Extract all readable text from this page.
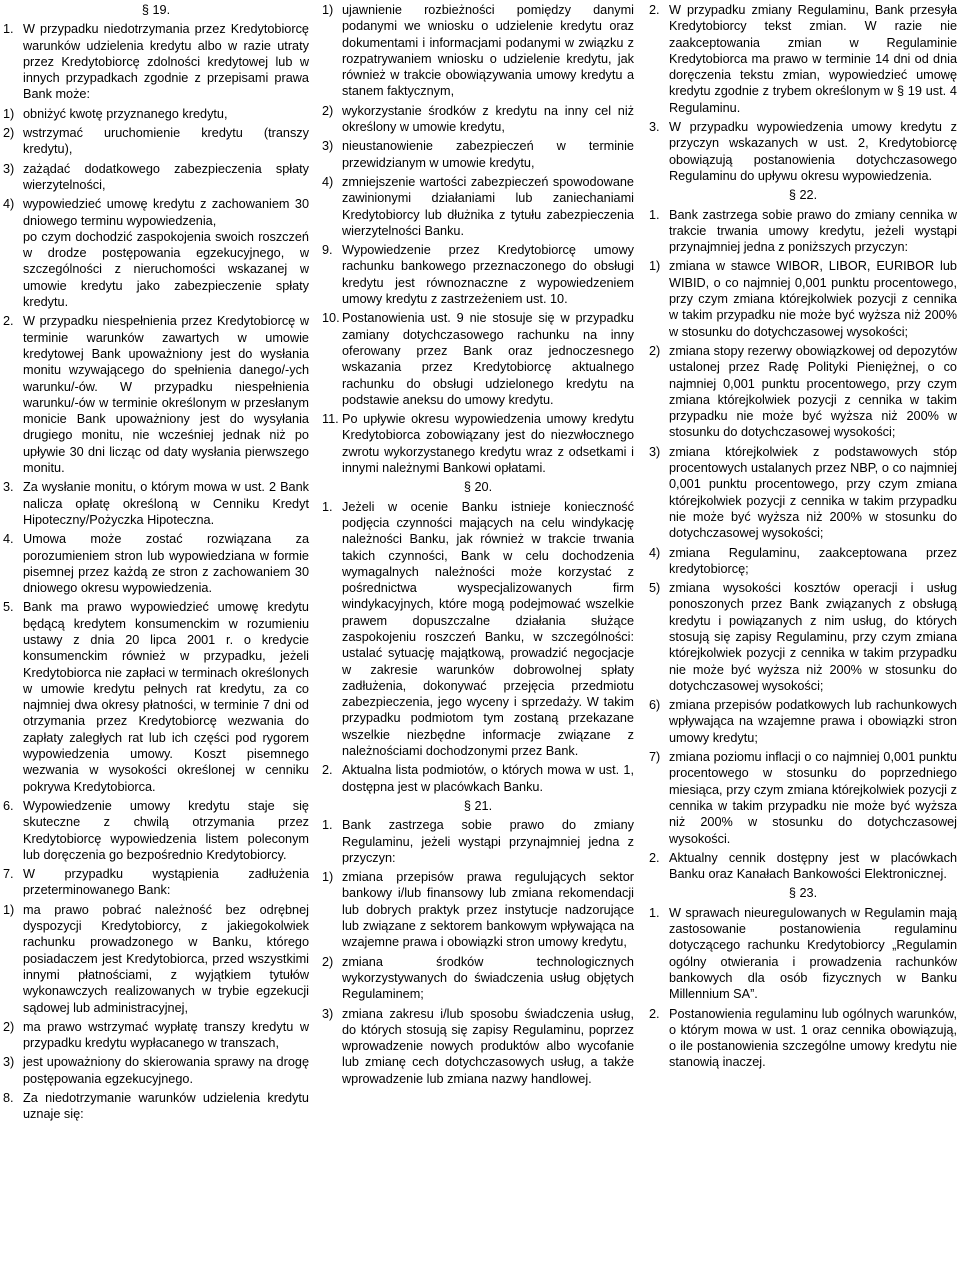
§ 19.
1. W przypadku niedotrzymania przez Kredytobiorcę warunków udzielenia kredytu albo w razie utraty przez Kredytobiorcę zdolności kredytowej lub w innych przypadkach zgodnie z przepisami prawa Bank może:
1) obniżyć kwotę przyznanego kredytu,
2) wstrzymać uruchomienie kredytu (transzy kredytu),
3) zażądać dodatkowego zabezpieczenia spłaty wierzytelności,
4) wypowiedzieć umowę kredytu z zachowaniem 30 dniowego terminu wypowiedzenia,
po czym dochodzić zaspokojenia swoich roszczeń w drodze postępowania egzekucyjnego, w szczególności z nieruchomości wskazanej w umowie kredytu jako zabezpieczenie spłaty kredytu.
2. W przypadku niespełnienia przez Kredytobiorcę w terminie warunków zawartych w umowie kredytowej Bank upoważniony jest do wysłania monitu wzywającego do spełnienia danego/-ych warunku/-ów. W przypadku niespełnienia warunku/-ów w terminie określonym w przesłanym monicie Bank upoważniony jest do wysyłania drugiego monitu, nie wcześniej jednak niż po upływie 30 dni licząc od daty wysłania pierwszego monitu.
3. Za wysłanie monitu, o którym mowa w ust. 2 Bank nalicza opłatę określoną w Cenniku Kredyt Hipoteczny/Pożyczka Hipoteczna.
4. Umowa może zostać rozwiązana za porozumieniem stron lub wypowiedziana w formie pisemnej przez każdą ze stron z zachowaniem 30 dniowego okresu wypowiedzenia.
5. Bank ma prawo wypowiedzieć umowę kredytu będącą kredytem konsumenckim w rozumieniu ustawy z dnia 20 lipca 2001 r. o kredycie konsumenckim również w przypadku, jeżeli Kredytobiorca nie zapłaci w terminach określonych w umowie kredytu pełnych rat kredytu, za co najmniej dwa okresy płatności, w terminie 7 dni od otrzymania przez Kredytobiorcę wezwania do zapłaty zaległych rat lub ich części pod rygorem wypowiedzenia umowy. Koszt pisemnego wezwania w wysokości określonej w cenniku pokrywa Kredytobiorca.
6. Wypowiedzenie umowy kredytu staje się skuteczne z chwilą otrzymania przez Kredytobiorcę wypowiedzenia listem poleconym lub doręczenia go bezpośrednio Kredytobiorcy.
7. W przypadku wystąpienia zadłużenia przeterminowanego Bank:
1) ma prawo pobrać należność bez odrębnej dyspozycji Kredytobiorcy, z jakiegokolwiek rachunku prowadzonego w Banku, którego posiadaczem jest Kredytobiorca, przed wszystkimi innymi płatnościami, z wyjątkiem tytułów wykonawczych realizowanych w trybie egzekucji sądowej lub administracyjnej,
2) ma prawo wstrzymać wypłatę transzy kredytu w przypadku kredytu wypłacanego w transzach,
3) jest upoważniony do skierowania sprawy na drogę postępowania egzekucyjnego.
8. Za niedotrzymanie warunków udzielenia kredytu uznaje się:
1) ujawnienie rozbieżności pomiędzy danymi podanymi we wniosku o udzielenie kredytu oraz dokumentami i informacjami podanymi w związku z rozpatrywaniem wniosku o udzielenie kredytu, jak również w trakcie obowiązywania umowy kredytu a stanem faktycznym,
2) wykorzystanie środków z kredytu na inny cel niż określony w umowie kredytu,
3) nieustanowienie zabezpieczeń w terminie przewidzianym w umowie kredytu,
4) zmniejszenie wartości zabezpieczeń spowodowane zawinionymi działaniami lub zaniechaniami Kredytobiorcy lub dłużnika z tytułu zabezpieczenia wierzytelności Banku.
9. Wypowiedzenie przez Kredytobiorcę umowy rachunku bankowego przeznaczonego do obsługi kredytu jest równoznaczne z wypowiedzeniem umowy kredytu z zastrzeżeniem ust. 10.
10. Postanowienia ust. 9 nie stosuje się w przypadku zamiany dotychczasowego rachunku na inny oferowany przez Bank oraz jednoczesnego wskazania przez Kredytobiorcę aktualnego rachunku do obsługi udzielonego kredytu na podstawie aneksu do umowy kredytu.
11. Po upływie okresu wypowiedzenia umowy kredytu Kredytobiorca zobowiązany jest do niezwłocznego zwrotu wykorzystanego kredytu wraz z odsetkami i innymi należnymi Bankowi opłatami.
§ 20.
1. Jeżeli w ocenie Banku istnieje konieczność podjęcia czynności mających na celu windykację należności Banku, jak również w trakcie trwania takich czynności, Bank w celu dochodzenia wymagalnych należności może korzystać z pośrednictwa wyspecjalizowanych firm windykacyjnych, które mogą podejmować wszelkie prawem dopuszczalne działania służące zaspokojeniu roszczeń Banku, w szczególności: ustalać sytuację majątkową, prowadzić negocjacje w zakresie warunków dobrowolnej spłaty zadłużenia, dokonywać przejęcia przedmiotu zabezpieczenia, jego wyceny i sprzedaży. W takim przypadku podmiotom tym zostaną przekazane wszelkie niezbędne informacje związane z należnościami dochodzonymi przez Bank.
2. Aktualna lista podmiotów, o których mowa w ust. 1, dostępna jest w placówkach Banku.
§ 21.
1. Bank zastrzega sobie prawo do zmiany Regulaminu, jeżeli wystąpi przynajmniej jedna z przyczyn:
1) zmiana przepisów prawa regulujących sektor bankowy i/lub finansowy lub zmiana rekomendacji lub dobrych praktyk przez instytucje nadzorujące lub związane z sektorem bankowym wpływająca na wzajemne prawa i obowiązki stron umowy kredytu,
2) zmiana środków technologicznych wykorzystywanych do świadczenia usług objętych Regulaminem;
3) zmiana zakresu i/lub sposobu świadczenia usług, do których stosują się zapisy Regulaminu, poprzez wprowadzenie nowych produktów albo wycofanie lub zmianę cech dotychczasowych usług, a także wprowadzenie lub zmiana nazwy handlowej.
2. W przypadku zmiany Regulaminu, Bank przesyła Kredytobiorcy tekst zmian. W razie nie zaakceptowania zmian w Regulaminie Kredytobiorca ma prawo w terminie 14 dni od dnia doręczenia tekstu zmian, wypowiedzieć umowę kredytu zgodnie z trybem określonym w § 19 ust. 4 Regulaminu.
3. W przypadku wypowiedzenia umowy kredytu z przyczyn wskazanych w ust. 2, Kredytobiorcę obowiązują postanowienia dotychczasowego Regulaminu do upływu okresu wypowiedzenia.
§ 22.
1. Bank zastrzega sobie prawo do zmiany cennika w trakcie trwania umowy kredytu, jeżeli wystąpi przynajmniej jedna z poniższych przyczyn:
1) zmiana w stawce WIBOR, LIBOR, EURIBOR lub WIBID, o co najmniej 0,001 punktu procentowego, przy czym zmiana którejkolwiek pozycji z cennika w takim przypadku nie może być wyższa niż 200% w stosunku do dotychczasowej wysokości;
2) zmiana stopy rezerwy obowiązkowej od depozytów ustalonej przez Radę Polityki Pieniężnej, o co najmniej 0,001 punktu procentowego, przy czym zmiana którejkolwiek pozycji z cennika w takim przypadku nie może być wyższa niż 200% w stosunku do dotychczasowej wysokości;
3) zmiana którejkolwiek z podstawowych stóp procentowych ustalanych przez NBP, o co najmniej 0,001 punktu procentowego, przy czym zmiana którejkolwiek pozycji z cennika w takim przypadku nie może być wyższa niż 200% w stosunku do dotychczasowej wysokości;
4) zmiana Regulaminu, zaakceptowana przez kredytobiorcę;
5) zmiana wysokości kosztów operacji i usług ponoszonych przez Bank związanych z obsługą kredytu i powiązanych z nim usług, do których stosują się zapisy Regulaminu, przy czym zmiana którejkolwiek pozycji z cennika w takim przypadku nie może być wyższa niż 200% w stosunku do dotychczasowej wysokości;
6) zmiana przepisów podatkowych lub rachunkowych wpływająca na wzajemne prawa i obowiązki stron umowy kredytu;
7) zmiana poziomu inflacji o co najmniej 0,001 punktu procentowego w stosunku do poprzedniego miesiąca, przy czym zmiana którejkolwiek pozycji z cennika w takim przypadku nie może być wyższa niż 200% w stosunku do dotychczasowej wysokości.
2. Aktualny cennik dostępny jest w placówkach Banku oraz Kanałach Bankowości Elektronicznej.
§ 23.
1. W sprawach nieuregulowanych w Regulamin mają zastosowanie postanowienia regulaminu dotyczącego rachunku Kredytobiorcy „Regulamin ogólny otwierania i prowadzenia rachunków bankowych dla osób fizycznych w Banku Millennium SA”.
2. Postanowienia regulaminu lub ogólnych warunków, o którym mowa w ust. 1 oraz cennika obowiązują, o ile postanowienia szczególne umowy kredytu nie stanowią inaczej.
